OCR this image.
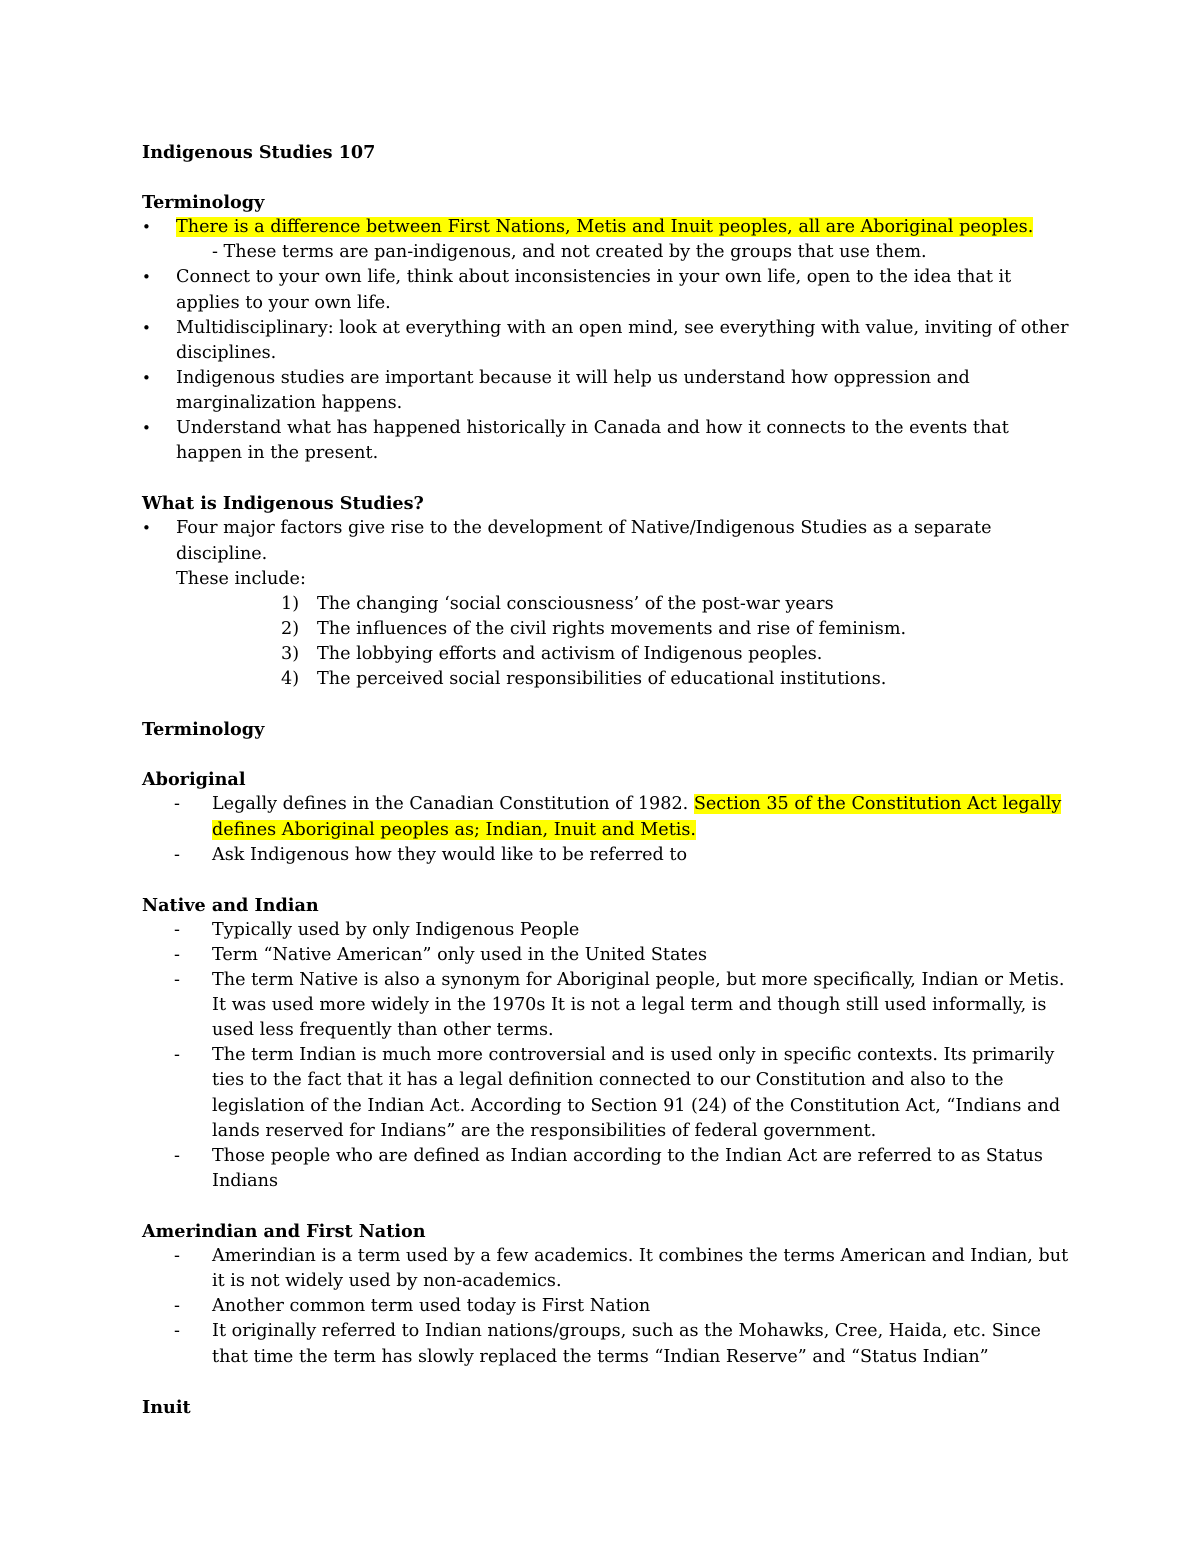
Indigenous Studies 107

Terminology

•	There is a difference between First Nations, Metis and Inuit peoples, all are Aboriginal peoples.
- These terms are pan-indigenous, and not created by the groups that use them.
•	Connect to your own life, think about inconsistencies in your own life, open to the idea that it applies to your own life.
•	Multidisciplinary: look at everything with an open mind, see everything with value, inviting of other disciplines.
•	Indigenous studies are important because it will help us understand how oppression and marginalization happens.
•	Understand what has happened historically in Canada and how it connects to the events that happen in the present.

What is Indigenous Studies?

•	Four major factors give rise to the development of Native/Indigenous Studies as a separate discipline.
These include:
1)	The changing ‘social consciousness’ of the post-war years
2)	The influences of the civil rights movements and rise of feminism.
3)	The lobbying efforts and activism of Indigenous peoples.
4)	The perceived social responsibilities of educational institutions.

Terminology

Aboriginal

-	Legally defines in the Canadian Constitution of 1982. Section 35 of the Constitution Act legally defines Aboriginal peoples as; Indian, Inuit and Metis.
-	Ask Indigenous how they would like to be referred to

Native and Indian

-	Typically used by only Indigenous People
-	Term “Native American” only used in the United States
-	The term Native is also a synonym for Aboriginal people, but more specifically, Indian or Metis. It was used more widely in the 1970s It is not a legal term and though still used informally, is used less frequently than other terms.
-	The term Indian is much more controversial and is used only in specific contexts. Its primarily ties to the fact that it has a legal definition connected to our Constitution and also to the legislation of the Indian Act. According to Section 91 (24) of the Constitution Act, “Indians and lands reserved for Indians” are the responsibilities of federal government.
-	Those people who are defined as Indian according to the Indian Act are referred to as Status Indians

Amerindian and First Nation

-	Amerindian is a term used by a few academics. It combines the terms American and Indian, but it is not widely used by non-academics.
-	Another common term used today is First Nation
-	It originally referred to Indian nations/groups, such as the Mohawks, Cree, Haida, etc. Since that time the term has slowly replaced the terms “Indian Reserve” and “Status Indian”

Inuit
